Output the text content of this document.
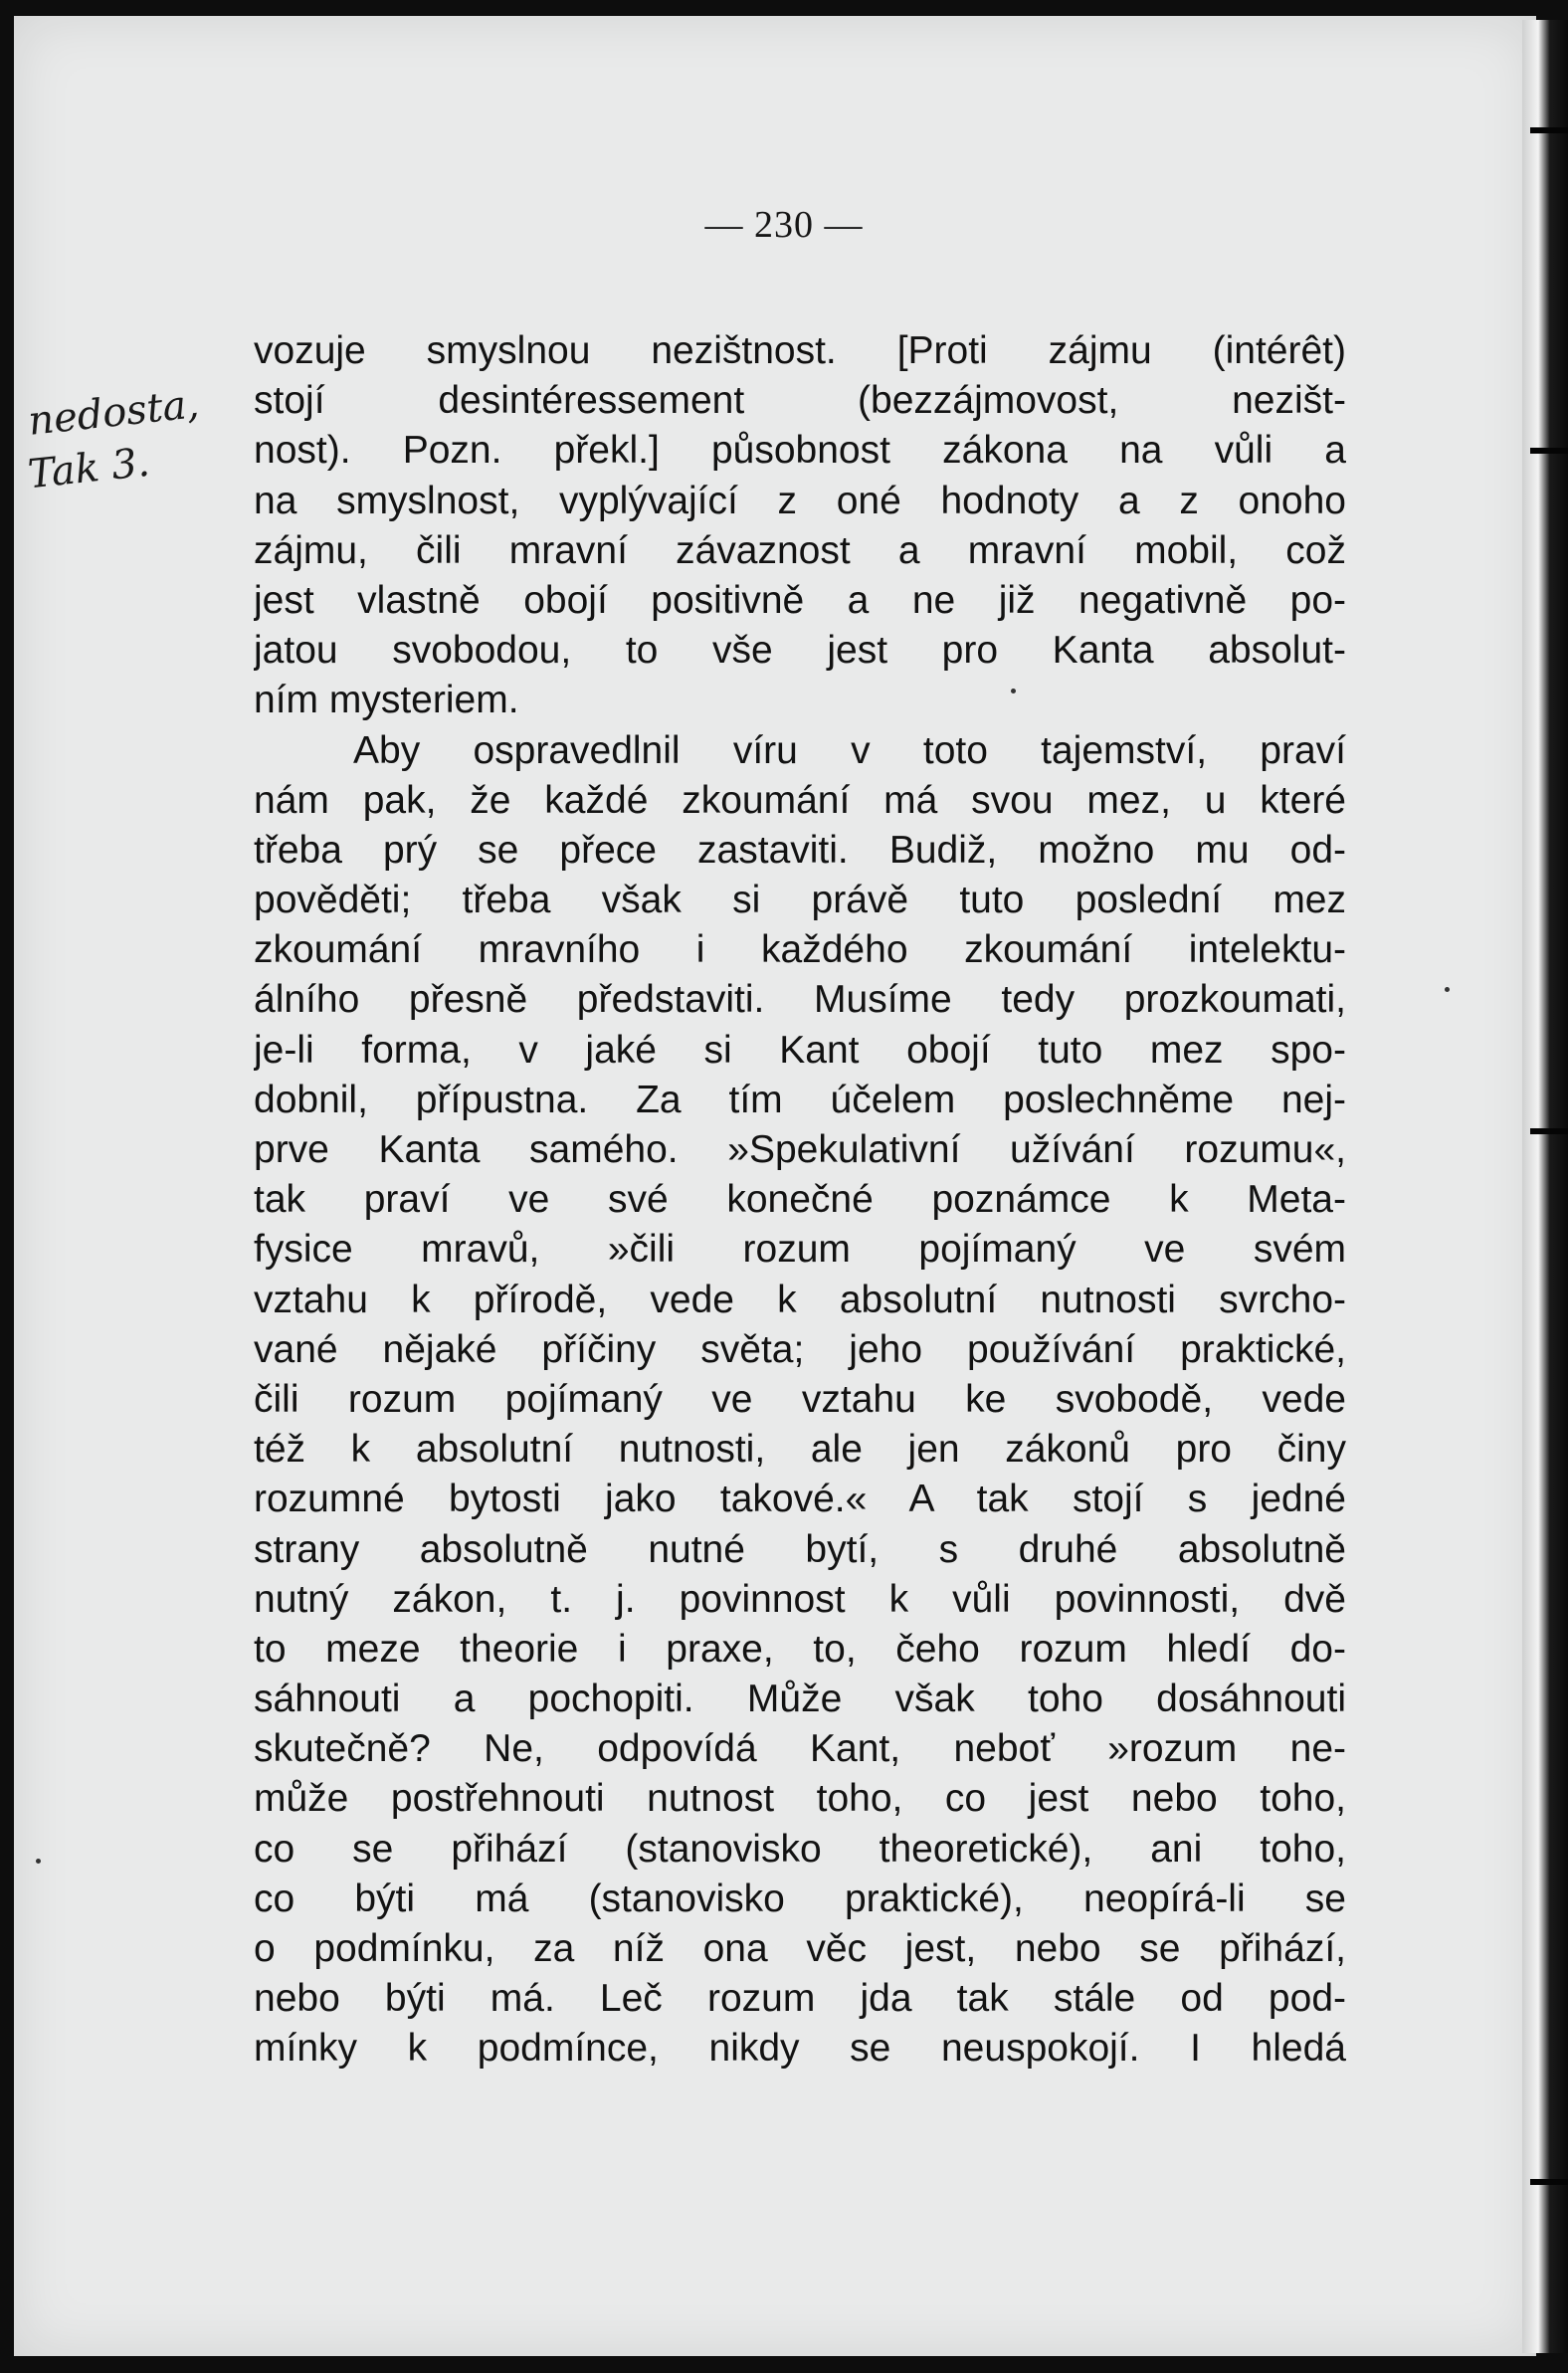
— 230 —
nedosta,
Tak 3.
vozuje smyslnou nezištnost. [Proti zájmu (intérêt)
stojí desintéressement (bezzájmovost, nezišt-
nost). Pozn. překl.] působnost zákona na vůli a
na smyslnost, vyplývající z oné hodnoty a z onoho
zájmu, čili mravní závaznost a mravní mobil, což
jest vlastně obojí positivně a ne již negativně po-
jatou svobodou, to vše jest pro Kanta absolut-
ním mysteriem.
Aby ospravedlnil víru v toto tajemství, praví
nám pak, že každé zkoumání má svou mez, u které
třeba prý se přece zastaviti. Budiž, možno mu od-
pověděti; třeba však si právě tuto poslední mez
zkoumání mravního i každého zkoumání intelektu-
álního přesně představiti. Musíme tedy prozkoumati,
je-li forma, v jaké si Kant obojí tuto mez spo-
dobnil, přípustna. Za tím účelem poslechněme nej-
prve Kanta samého. »Spekulativní užívání rozumu«,
tak praví ve své konečné poznámce k Meta-
fysice mravů, »čili rozum pojímaný ve svém
vztahu k přírodě, vede k absolutní nutnosti svrcho-
vané nějaké příčiny světa; jeho používání praktické,
čili rozum pojímaný ve vztahu ke svobodě, vede
též k absolutní nutnosti, ale jen zákonů pro činy
rozumné bytosti jako takové.« A tak stojí s jedné
strany absolutně nutné bytí, s druhé absolutně
nutný zákon, t. j. povinnost k vůli povinnosti, dvě
to meze theorie i praxe, to, čeho rozum hledí do-
sáhnouti a pochopiti. Může však toho dosáhnouti
skutečně? Ne, odpovídá Kant, neboť »rozum ne-
může postřehnouti nutnost toho, co jest nebo toho,
co se přihází (stanovisko theoretické), ani toho,
co býti má (stanovisko praktické), neopírá-li se
o podmínku, za níž ona věc jest, nebo se přihází,
nebo býti má. Leč rozum jda tak stále od pod-
mínky k podmínce, nikdy se neuspokojí. I hledá
